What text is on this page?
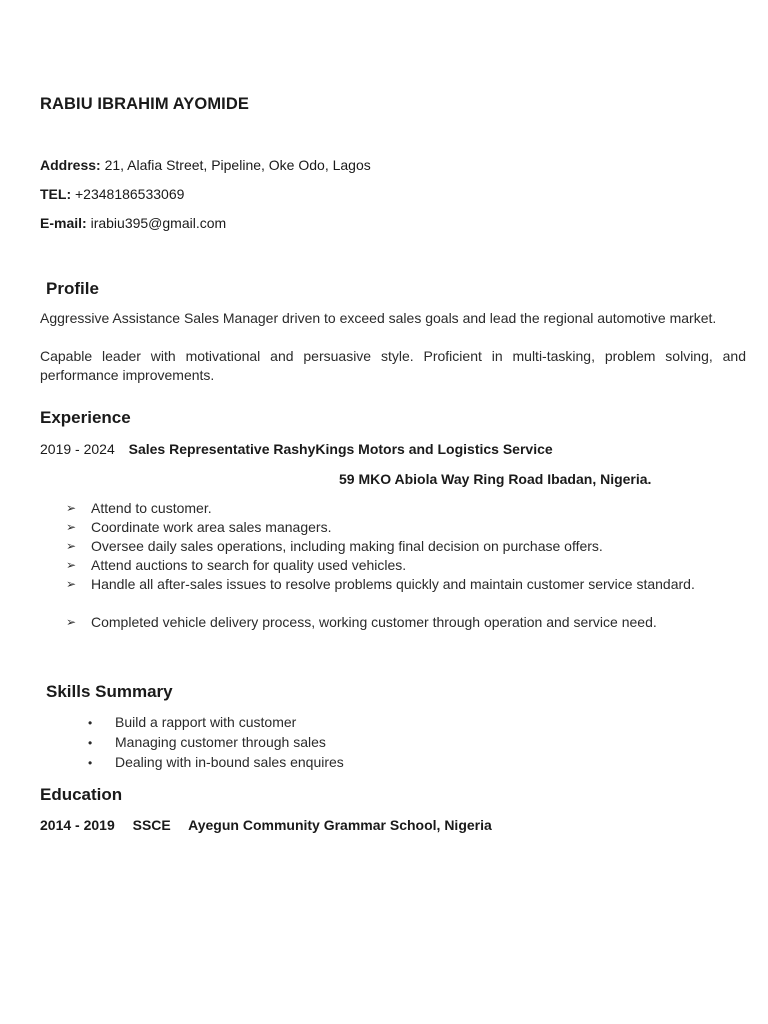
RABIU IBRAHIM AYOMIDE
Address: 21, Alafia Street, Pipeline, Oke Odo, Lagos
TEL: +2348186533069
E-mail: irabiu395@gmail.com
Profile
Aggressive Assistance Sales Manager driven to exceed sales goals and lead the regional automotive market.
Capable leader with motivational and persuasive style. Proficient in multi-tasking, problem solving, and performance improvements.
Experience
2019 - 2024 Sales Representative RashyKings Motors and Logistics Service
59 MKO Abiola Way Ring Road Ibadan, Nigeria.
➢	Attend to customer.
➢	Coordinate work area sales managers.
➢	Oversee daily sales operations, including making final decision on purchase offers.
➢	Attend auctions to search for quality used vehicles.
➢	Handle all after-sales issues to resolve problems quickly and maintain customer service standard.
➢	Completed vehicle delivery process, working customer through operation and service need.
Skills Summary
• Build a rapport with customer
• Managing customer through sales
• Dealing with in-bound sales enquires
Education
2014 - 2019 SSCE Ayegun Community Grammar School, Nigeria
